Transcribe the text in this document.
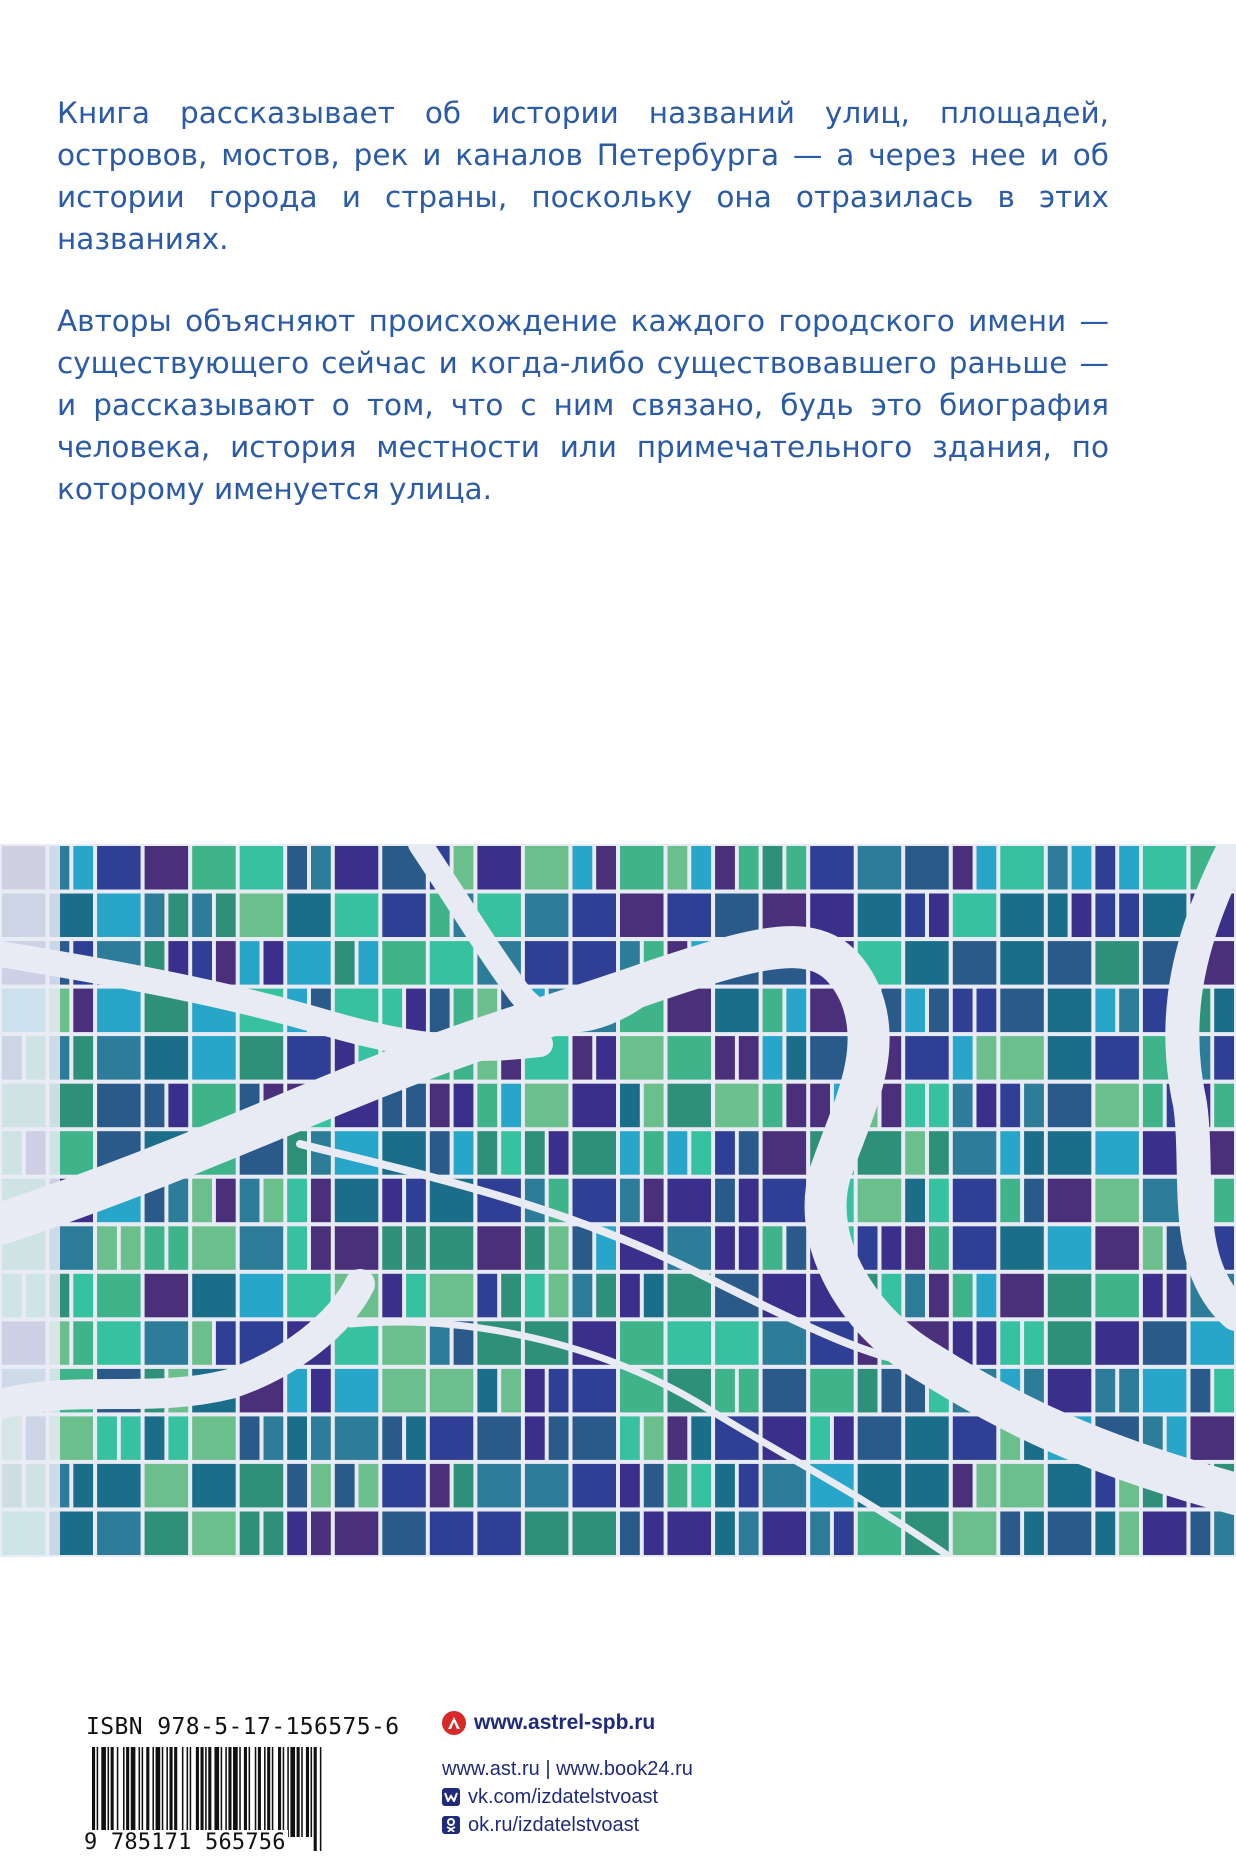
Книга рассказывает об истории названий улиц, площадей, островов, мостов, рек и каналов Петербурга — а через нее и об истории города и страны, поскольку она отразилась в этих названиях.

Авторы объясняют происхождение каждого городского имени — существующего сейчас и когда-либо существовавшего раньше — и рассказывают о том, что с ним связано, будь это биография человека, история местности или примечательного здания, по которому именуется улица.

ISBN 978-5-17-156575-6
9 785171 565756
www.astrel-spb.ru
www.ast.ru | www.book24.ru
vk.com/izdatelstvoast
ok.ru/izdatelstvoast
